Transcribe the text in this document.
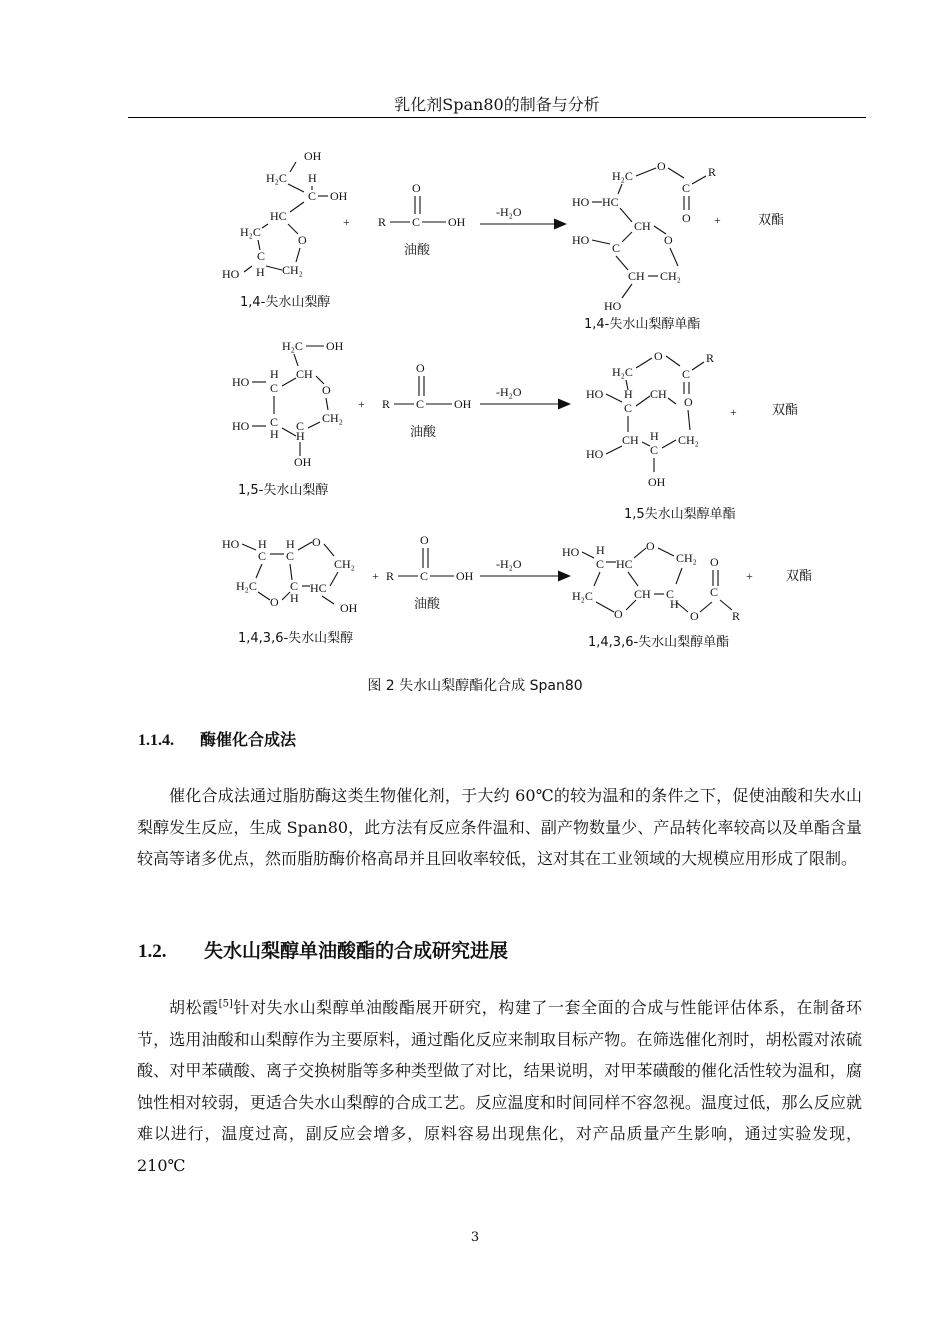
乳化剂Span80的制备与分析
OH
H₂C H
C OH
HC
H₂C
O
C
HO H CH₂
1,4-失水山梨醇
+
O
R C OH
油酸
-H₂O
H₂C
O
C
R
O
HO HC
CH
O
HO
C
CH CH₂
HO
1,4-失水山梨醇单酯
+	双酯
H₂C OH
CH
O
HO
H
C
HO C
H H
C
CH₂
OH
1,5-失水山梨醇
+
O
R C OH
油酸
-H₂O
O
C
R
O
H₂C
HO H
C
CH
CH H
C
CH₂
HO
OH
1,5失水山梨醇单酯
+	双酯
HO H
C
H
C
O
CH₂
H₂C
O
C
H
HC
OH
1,4,3,6-失水山梨醇
+ R C
O
OH
油酸
-H₂O
HO H
C HC
O
CH₂
H₂C
O
CH C
H
O
C
O
R
1,4,3,6-失水山梨醇单酯
+	双酯
图 2 失水山梨醇酯化合成 Span80
1.1.4. 酶催化合成法
催化合成法通过脂肪酶这类生物催化剂，于大约 60℃的较为温和的条件之下，促使油酸和失水山梨醇发生反应，生成 Span80，此方法有反应条件温和、副产物数量少、产品转化率较高以及单酯含量较高等诸多优点，然而脂肪酶价格高昂并且回收率较低，这对其在工业领域的大规模应用形成了限制。
1.2. 失水山梨醇单油酸酯的合成研究进展
胡松霞[5]针对失水山梨醇单油酸酯展开研究，构建了一套全面的合成与性能评估体系，在制备环节，选用油酸和山梨醇作为主要原料，通过酯化反应来制取目标产物。在筛选催化剂时，胡松霞对浓硫酸、对甲苯磺酸、离子交换树脂等多种类型做了对比，结果说明，对甲苯磺酸的催化活性较为温和，腐蚀性相对较弱，更适合失水山梨醇的合成工艺。反应温度和时间同样不容忽视。温度过低，那么反应就难以进行，温度过高，副反应会增多，原料容易出现焦化，对产品质量产生影响，通过实验发现，210℃
3
